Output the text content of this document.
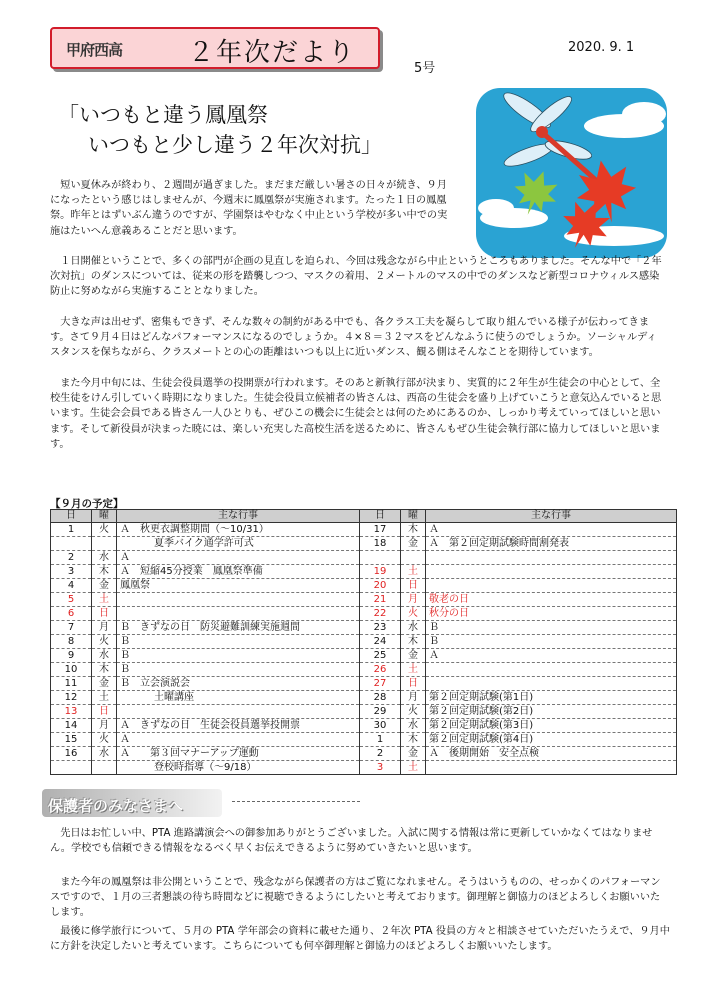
甲府西高	２年次だより	2020. 9. 1
5号
「いつもと違う鳳凰祭
いつもと少し違う２年次対抗」

短い夏休みが終わり、２週間が過ぎました。まだまだ厳しい暑さの日々が続き、９月になったという感じはしませんが、今週末に鳳凰祭が実施されます。たった１日の鳳凰祭。昨年とはずいぶん違うのですが、学園祭はやむなく中止という学校が多い中での実施はたいへん意義あることだと思います。

１日開催ということで、多くの部門が企画の見直しを迫られ、今回は残念ながら中止というところもありました。そんな中で「２年次対抗」のダンスについては、従来の形を踏襲しつつ、マスクの着用、２メートルのマスの中でのダンスなど新型コロナウィルス感染防止に努めながら実施することとなりました。

大きな声は出せず、密集もできず、そんな数々の制約がある中でも、各クラス工夫を凝らして取り組んでいる様子が伝わってきます。さて９月４日はどんなパフォーマンスになるのでしょうか。４×８＝３２マスをどんなふうに使うのでしょうか。ソーシャルディスタンスを保ちながら、クラスメートとの心の距離はいつも以上に近いダンス、観る側はそんなことを期待しています。

また今月中旬には、生徒会役員選挙の投開票が行われます。そのあと新執行部が決まり、実質的に２年生が生徒会の中心として、全校生徒をけん引していく時期になりました。生徒会役員立候補者の皆さんは、西高の生徒会を盛り上げていこうと意気込んでいると思います。生徒会会員である皆さん一人ひとりも、ぜひこの機会に生徒会とは何のためにあるのか、しっかり考えていってほしいと思います。そして新役員が決まった暁には、楽しい充実した高校生活を送るために、皆さんもぜひ生徒会執行部に協力してほしいと思います。

【９月の予定】
日	曜	主な行事
1	火	Ａ　秋更衣調整期間（～10/31）
		夏季バイク通学許可式
2	水	Ａ
3	木	Ａ　短縮45分授業　鳳凰祭準備
4	金	鳳凰祭
5	土	
6	日	
7	月	Ｂ　きずなの日　防災避難訓練実施週間
8	火	Ｂ
9	水	Ｂ
10	木	Ｂ
11	金	Ｂ　立会演説会
12	土	土曜講座
13	日	
14	月	Ａ　きずなの日　生徒会役員選挙投開票
15	火	Ａ
16	水	Ａ　　第３回マナーアップ運動
		登校時指導（～9/18）
日	曜	主な行事
17	木	Ａ
18	金	Ａ　第２回定期試験時間割発表

19	土	
20	日	
21	月	敬老の日
22	火	秋分の日
23	水	Ｂ
24	木	Ｂ
25	金	Ａ
26	土	
27	日	
28	月	第２回定期試験(第1日)
29	火	第２回定期試験(第2日)
30	水	第２回定期試験(第3日)
1	木	第２回定期試験(第4日)
2	金	Ａ　後期開始　安全点検
3	土	
保護者のみなさまへ

先日はお忙しい中、PTA 進路講演会への御参加ありがとうございました。入試に関する情報は常に更新していかなくてはなりません。学校でも信頼できる情報をなるべく早くお伝えできるように努めていきたいと思います。

また今年の鳳凰祭は非公開ということで、残念ながら保護者の方はご覧になれません。そうはいうものの、せっかくのパフォーマンスですので、１月の三者懇談の待ち時間などに視聴できるようにしたいと考えております。御理解と御協力のほどよろしくお願いいたします。

最後に修学旅行について、５月の PTA 学年部会の資料に載せた通り、２年次 PTA 役員の方々と相談させていただいたうえで、９月中に方針を決定したいと考えています。こちらについても何卒御理解と御協力のほどよろしくお願いいたします。
